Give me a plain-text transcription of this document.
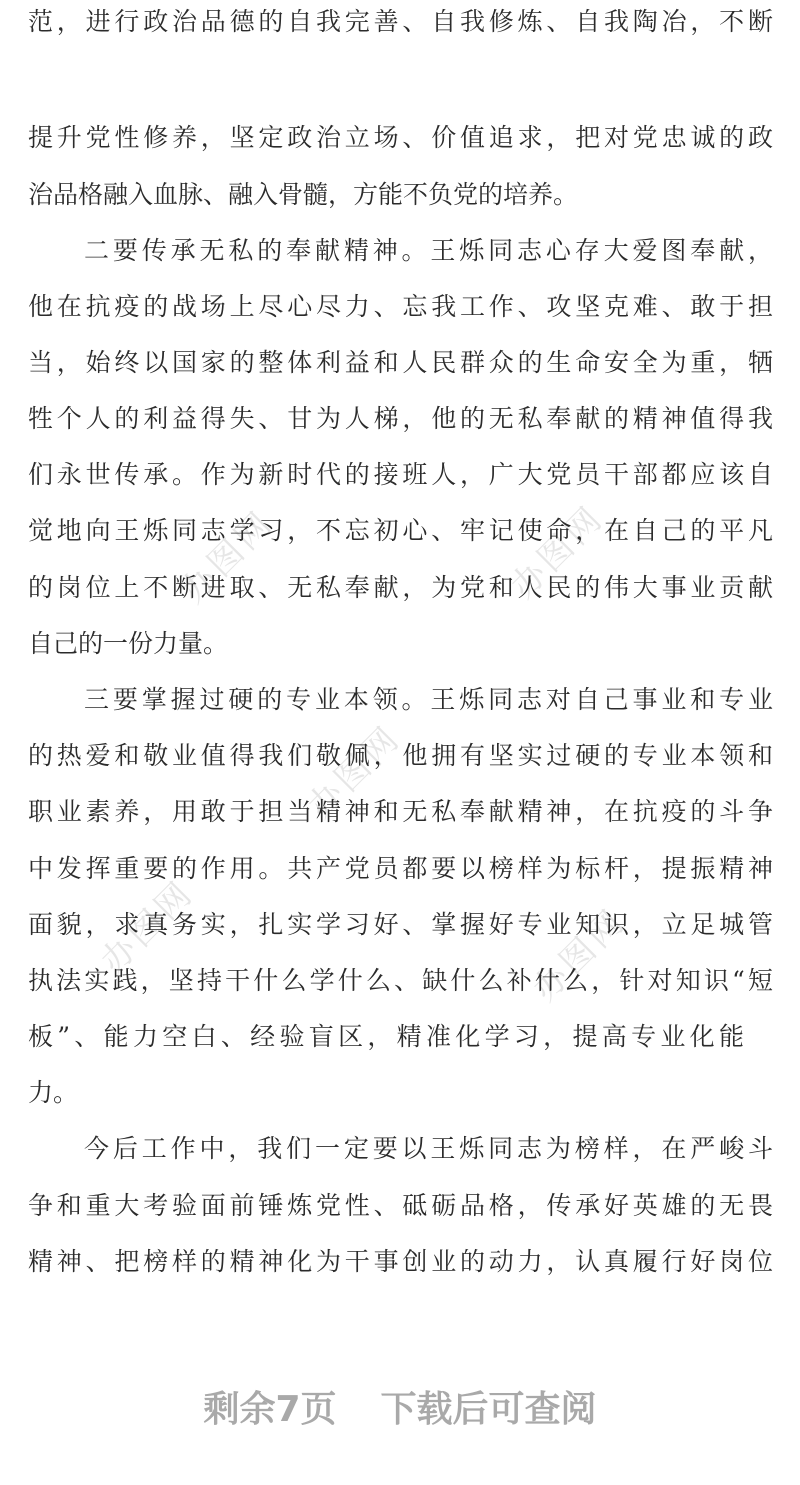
办图网	办图网
办图网
办图网	办图网
范，进行政治品德的自我完善、自我修炼、自我陶冶，不断
提升党性修养，坚定政治立场、价值追求，把对党忠诚的政
治品格融入血脉、融入骨髓，方能不负党的培养。
二要传承无私的奉献精神。王烁同志心存大爱图奉献，
他在抗疫的战场上尽心尽力、忘我工作、攻坚克难、敢于担
当，始终以国家的整体利益和人民群众的生命安全为重，牺
牲个人的利益得失、甘为人梯，他的无私奉献的精神值得我
们永世传承。作为新时代的接班人，广大党员干部都应该自
觉地向王烁同志学习，不忘初心、牢记使命，在自己的平凡
的岗位上不断进取、无私奉献，为党和人民的伟大事业贡献
自己的一份力量。
三要掌握过硬的专业本领。王烁同志对自己事业和专业
的热爱和敬业值得我们敬佩，他拥有坚实过硬的专业本领和
职业素养，用敢于担当精神和无私奉献精神，在抗疫的斗争
中发挥重要的作用。共产党员都要以榜样为标杆，提振精神
面貌，求真务实，扎实学习好、掌握好专业知识，立足城管
执法实践，坚持干什么学什么、缺什么补什么，针对知识“短
板”、能力空白、经验盲区，精准化学习，提高专业化能
力。
今后工作中，我们一定要以王烁同志为榜样，在严峻斗
争和重大考验面前锤炼党性、砥砺品格，传承好英雄的无畏
精神、把榜样的精神化为干事创业的动力，认真履行好岗位
剩余7页 下载后可查阅
